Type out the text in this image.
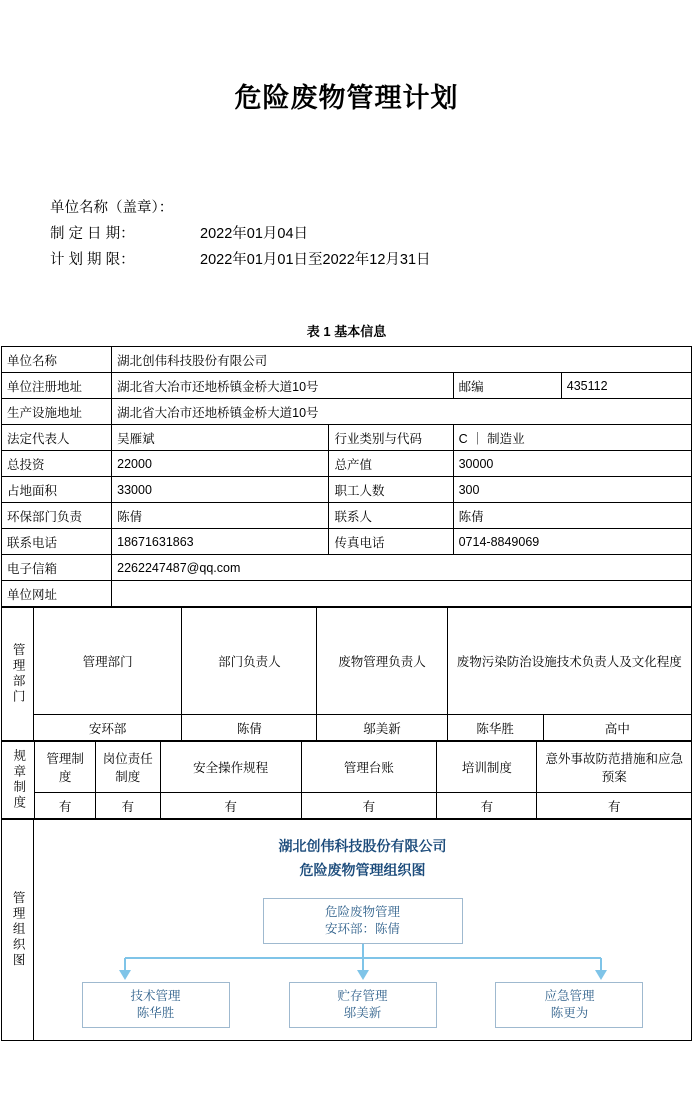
危险废物管理计划
单位名称（盖章）：
制 定 日 期：	2022年01月04日
计 划 期 限：	2022年01月01日至2022年12月31日
表 1 基本信息
单位名称	湖北创伟科技股份有限公司			
单位注册地址	湖北省大冶市还地桥镇金桥大道10号		邮编	435112
生产设施地址	湖北省大冶市还地桥镇金桥大道10号			
法定代表人	吴雁斌	行业类别与代码	C ｜ 制造业	
总投资	22000	总产值	30000	
占地面积	33000	职工人数	300	
环保部门负责	陈倩	联系人	陈倩	
联系电话	18671631863	传真电话	0714-8849069	
电子信箱	2262247487@qq.com			
单位网址				
管理部门	管理部门	部门负责人	废物管理负责人	废物污染防治设施技术负责人及文化程度	
	安环部	陈倩	邬美新	陈华胜	高中
规章制度	管理制度	岗位责任制度	安全操作规程	管理台账	培训制度	意外事故防范措施和应急预案
	有	有	有	有	有	有
管理组织图

湖北创伟科技股份有限公司
危险废物管理组织图
危险废物管理
安环部：陈倩
技术管理
陈华胜
贮存管理
邬美新
应急管理
陈更为
